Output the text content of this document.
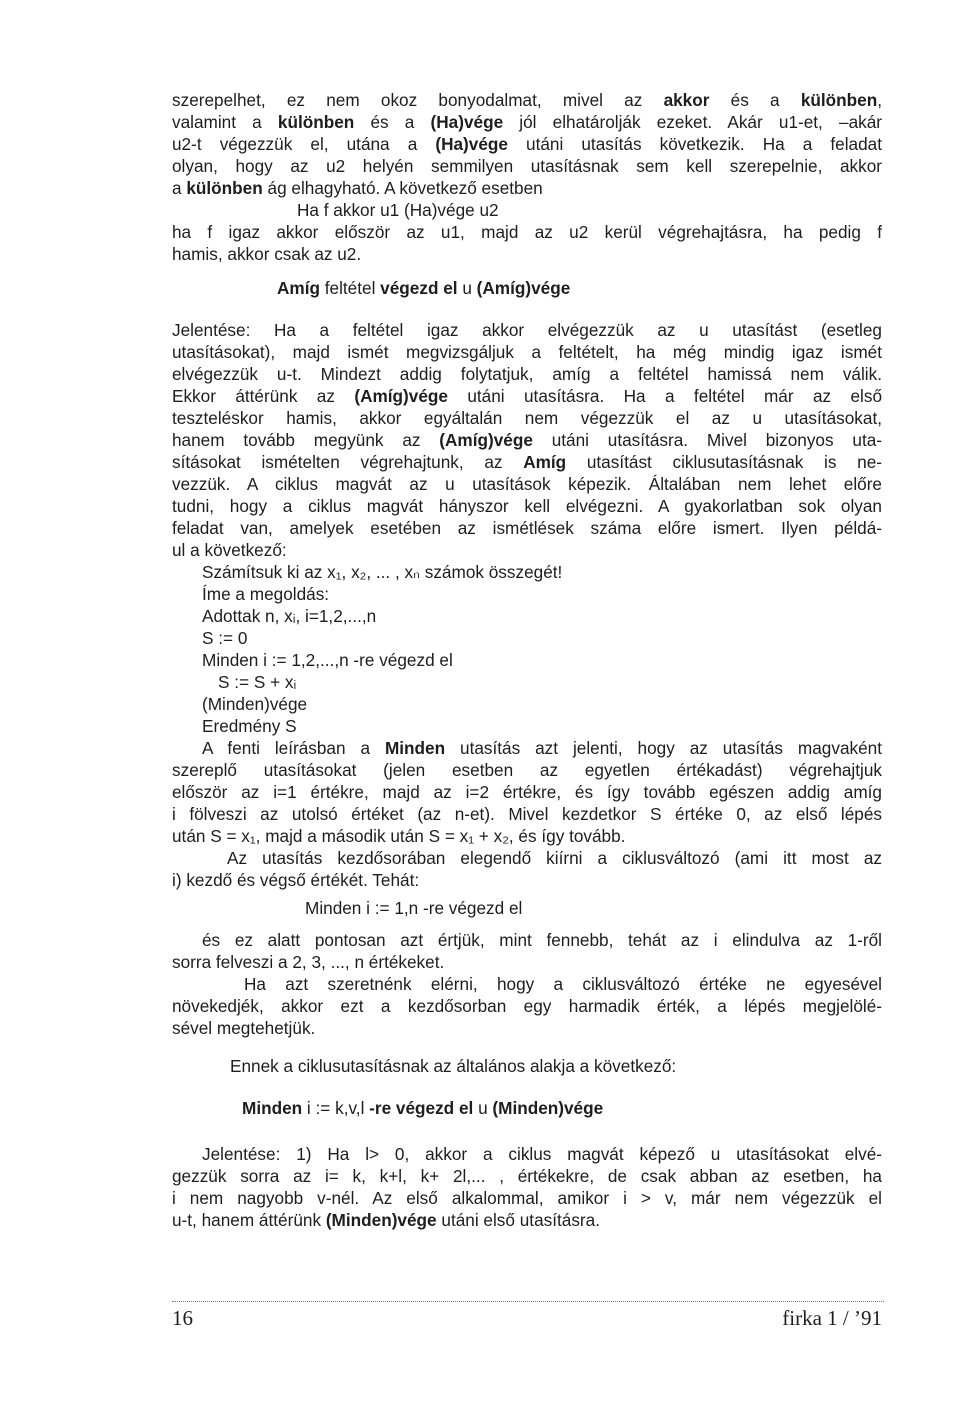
szerepelhet, ez nem okoz bonyodalmat, mivel az akkor és a különben,
valamint a különben és a (Ha)vége jól elhatárolják ezeket. Akár u1-et, –akár
u2-t végezzük el, utána a (Ha)vége utáni utasítás következik. Ha a feladat
olyan, hogy az u2 helyén semmilyen utasításnak sem kell szerepelnie, akkor
a különben ág elhagyható. A következő esetben
Ha f akkor u1 (Ha)vége u2
ha f igaz akkor először az u1, majd az u2 kerül végrehajtásra, ha pedig f
hamis, akkor csak az u2.
Amíg feltétel végezd el u (Amíg)vége
Jelentése: Ha a feltétel igaz akkor elvégezzük az u utasítást (esetleg
utasításokat), majd ismét megvizsgáljuk a feltételt, ha még mindig igaz ismét
elvégezzük u-t. Mindezt addig folytatjuk, amíg a feltétel hamissá nem válik.
Ekkor áttérünk az (Amíg)vége utáni utasításra. Ha a feltétel már az első
teszteléskor hamis, akkor egyáltalán nem végezzük el az u utasításokat,
hanem tovább megyünk az (Amíg)vége utáni utasításra. Mivel bizonyos uta-
sításokat ismételten végrehajtunk, az Amíg utasítást ciklusutasításnak is ne-
vezzük. A ciklus magvát az u utasítások képezik. Általában nem lehet előre
tudni, hogy a ciklus magvát hányszor kell elvégezni. A gyakorlatban sok olyan
feladat van, amelyek esetében az ismétlések száma előre ismert. Ilyen példá-
ul a következő:
Számítsuk ki az x₁, x₂, ... , xₙ számok összegét!
Íme a megoldás:
Adottak n, xᵢ, i=1,2,...,n
S := 0
Minden i := 1,2,...,n -re végezd el
S := S + xᵢ
(Minden)vége
Eredmény S
A fenti leírásban a Minden utasítás azt jelenti, hogy az utasítás magvaként
szereplő utasításokat (jelen esetben az egyetlen értékadást) végrehajtjuk
először az i=1 értékre, majd az i=2 értékre, és így tovább egészen addig amíg
i fölveszi az utolsó értéket (az n-et). Mivel kezdetkor S értéke 0, az első lépés
után S = x₁, majd a második után S = x₁ + x₂, és így tovább.
Az utasítás kezdősorában elegendő kiírni a ciklusváltozó (ami itt most az
i) kezdő és végső értékét. Tehát:
Minden i := 1,n -re végezd el
és ez alatt pontosan azt értjük, mint fennebb, tehát az i elindulva az 1-ről
sorra felveszi a 2, 3, ..., n értékeket.
Ha azt szeretnénk elérni, hogy a ciklusváltozó értéke ne egyesével
növekedjék, akkor ezt a kezdősorban egy harmadik érték, a lépés megjelölé-
sével megtehetjük.
Ennek a ciklusutasításnak az általános alakja a következő:
Minden i := k,v,l -re végezd el u (Minden)vége
Jelentése: 1) Ha l> 0, akkor a ciklus magvát képező u utasításokat elvé-
gezzük sorra az i= k, k+l, k+ 2l,... , értékekre, de csak abban az esetben, ha
i nem nagyobb v-nél. Az első alkalommal, amikor i > v, már nem végezzük el
u-t, hanem áttérünk (Minden)vége utáni első utasításra.
16	firka 1 / ’91
